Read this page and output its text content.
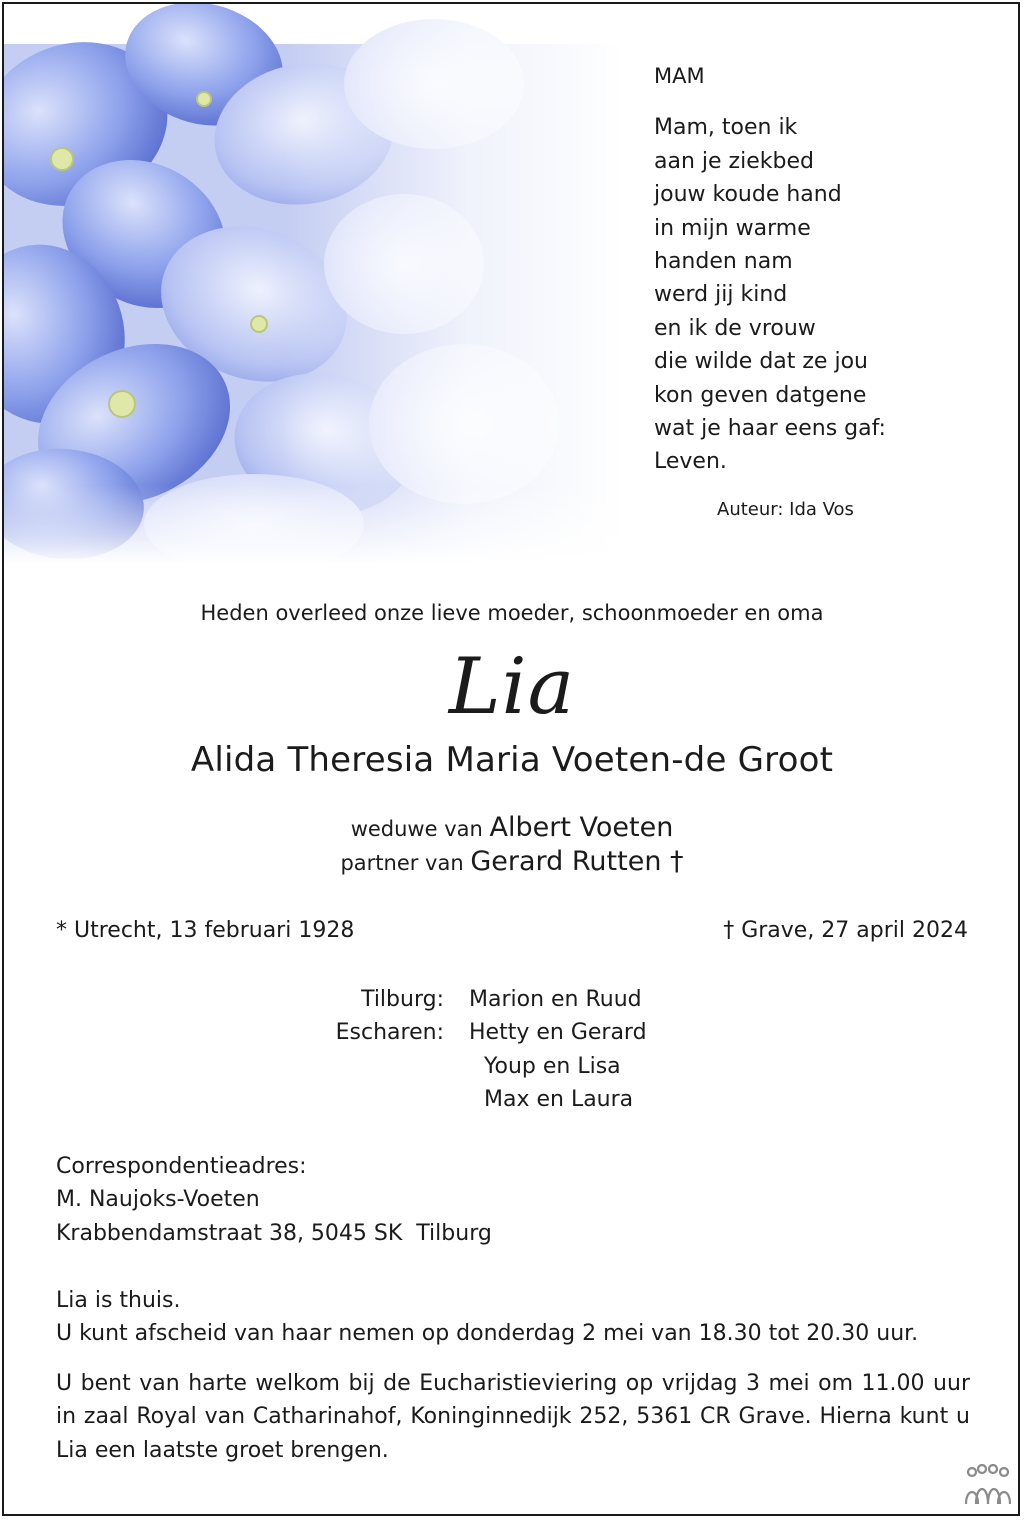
MAM
Mam, toen ik
aan je ziekbed
jouw koude hand
in mijn warme
handen nam
werd jij kind
en ik de vrouw
die wilde dat ze jou
kon geven datgene
wat je haar eens gaf:
Leven.
Auteur: Ida Vos
Heden overleed onze lieve moeder, schoonmoeder en oma
Lia
Alida Theresia Maria Voeten-de Groot
weduwe van Albert Voeten
partner van Gerard Rutten †
* Utrecht, 13 februari 1928	† Grave, 27 april 2024
Tilburg:
Escharen:
Marion en Ruud
Hetty en Gerard
Youp en Lisa
Max en Laura
Correspondentieadres:
M. Naujoks-Voeten
Krabbendamstraat 38, 5045 SK  Tilburg
Lia is thuis.
U kunt afscheid van haar nemen op donderdag 2 mei van 18.30 tot 20.30 uur.
U bent van harte welkom bij de Eucharistieviering op vrijdag 3 mei om 11.00 uur in zaal Royal van Catharinahof, Koninginnedijk 252, 5361 CR Grave. Hierna kunt u Lia een laatste groet brengen.
